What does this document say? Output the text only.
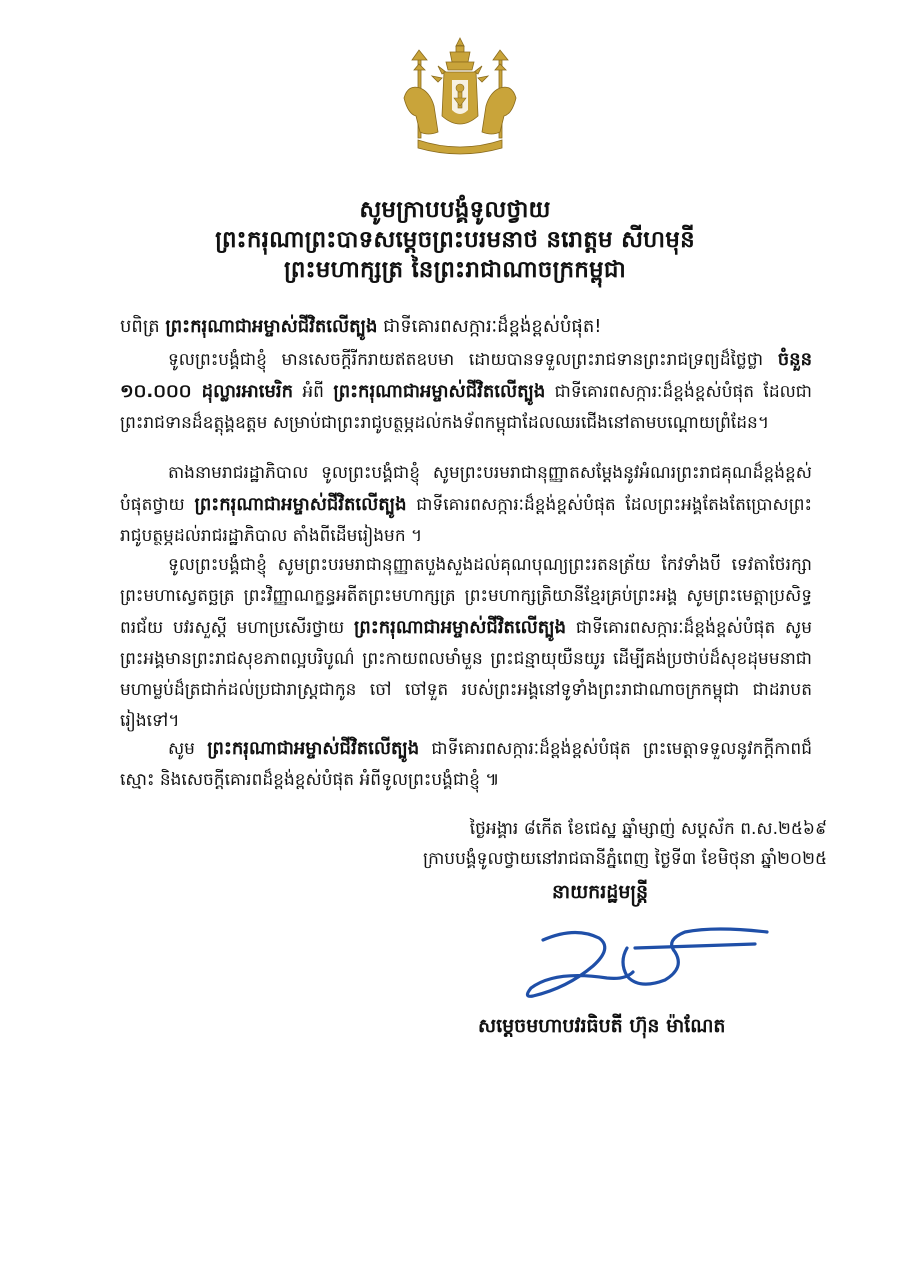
សូមក្រាបបង្គំទូលថ្វាយ
ព្រះករុណាព្រះបាទសម្តេចព្រះបរមនាថ នរោត្តម សីហមុនី
ព្រះមហាក្សត្រ នៃព្រះរាជាណាចក្រកម្ពុជា
បពិត្រ ព្រះករុណាជាអម្ចាស់ជីវិតលើត្បូង ជាទីគោរពសក្ការៈដ៏ខ្ពង់ខ្ពស់បំផុត!
ទូលព្រះបង្គំជាខ្ញុំ មានសេចក្តីរីករាយឥតឧបមា ដោយបានទទួលព្រះរាជទានព្រះរាជទ្រព្យដ៏ថ្លៃថ្លា ចំនួន ១០.០០០ ដុល្លារអាមេរិក អំពី ព្រះករុណាជាអម្ចាស់ជីវិតលើត្បូង ជាទីគោរពសក្ការៈដ៏ខ្ពង់ខ្ពស់បំផុត ដែលជាព្រះរាជទានដ៏ឧត្តុង្គឧត្តម សម្រាប់ជាព្រះរាជូបត្ថម្ភដល់កងទ័ពកម្ពុជាដែលឈរជើងនៅតាមបណ្តោយព្រំដែន។
តាងនាមរាជរដ្ឋាភិបាល ទូលព្រះបង្គំជាខ្ញុំ សូមព្រះបរមរាជានុញ្ញាតសម្តែងនូវអំណរព្រះរាជគុណដ៏ខ្ពង់ខ្ពស់បំផុតថ្វាយ ព្រះករុណាជាអម្ចាស់ជីវិតលើត្បូង ជាទីគោរពសក្ការៈដ៏ខ្ពង់ខ្ពស់បំផុត ដែលព្រះអង្គតែងតែប្រោសព្រះរាជូបត្ថម្ភដល់រាជរដ្ឋាភិបាល តាំងពីដើមរៀងមក ។
ទូលព្រះបង្គំជាខ្ញុំ សូមព្រះបរមរាជានុញ្ញាតបួងសួងដល់គុណបុណ្យព្រះរតនត្រ័យ កែវទាំងបី ទេវតាថែរក្សាព្រះមហាស្វេតច្ឆត្រ ព្រះវិញ្ញាណក្ខន្ធអតីតព្រះមហាក្សត្រ ព្រះមហាក្សត្រិយានីខ្មែរគ្រប់ព្រះអង្គ សូមព្រះមេត្តាប្រសិទ្ធពរជ័យ បវរសួស្តី មហាប្រសើរថ្វាយ ព្រះករុណាជាអម្ចាស់ជីវិតលើត្បូង ជាទីគោរពសក្ការៈដ៏ខ្ពង់ខ្ពស់បំផុត សូមព្រះអង្គមានព្រះរាជសុខភាពល្អបរិបូណ៌ ព្រះកាយពលមាំមួន ព្រះជន្មាយុយឺនយូរ ដើម្បីគង់ប្រថាប់ដ៏សុខដុមមនាជាមហាម្លប់ដ៏ត្រជាក់ដល់ប្រជារាស្ត្រជាកូន ចៅ ចៅទួត របស់ព្រះអង្គនៅទូទាំងព្រះរាជាណាចក្រកម្ពុជា ជាដរាបតរៀងទៅ។
សូម ព្រះករុណាជាអម្ចាស់ជីវិតលើត្បូង ជាទីគោរពសក្ការៈដ៏ខ្ពង់ខ្ពស់បំផុត ព្រះមេត្តាទទួលនូវកក្តីកាពជ៏ស្មោះ និងសេចក្តីគោរពដ៏ខ្ពង់ខ្ពស់បំផុត អំពីទូលព្រះបង្គំជាខ្ញុំ ៕
ថ្ងៃអង្គារ ៨កើត ខែជេស្ឋ ឆ្នាំម្សាញ់ សប្តស័ក ព.ស.២៥៦៩
ក្រាបបង្គំទូលថ្វាយនៅរាជធានីភ្នំពេញ ថ្ងៃទី៣ ខែមិថុនា ឆ្នាំ២០២៥
នាយករដ្ឋមន្ត្រី
សម្តេចមហាបវរធិបតី ហ៊ុន ម៉ាណែត
